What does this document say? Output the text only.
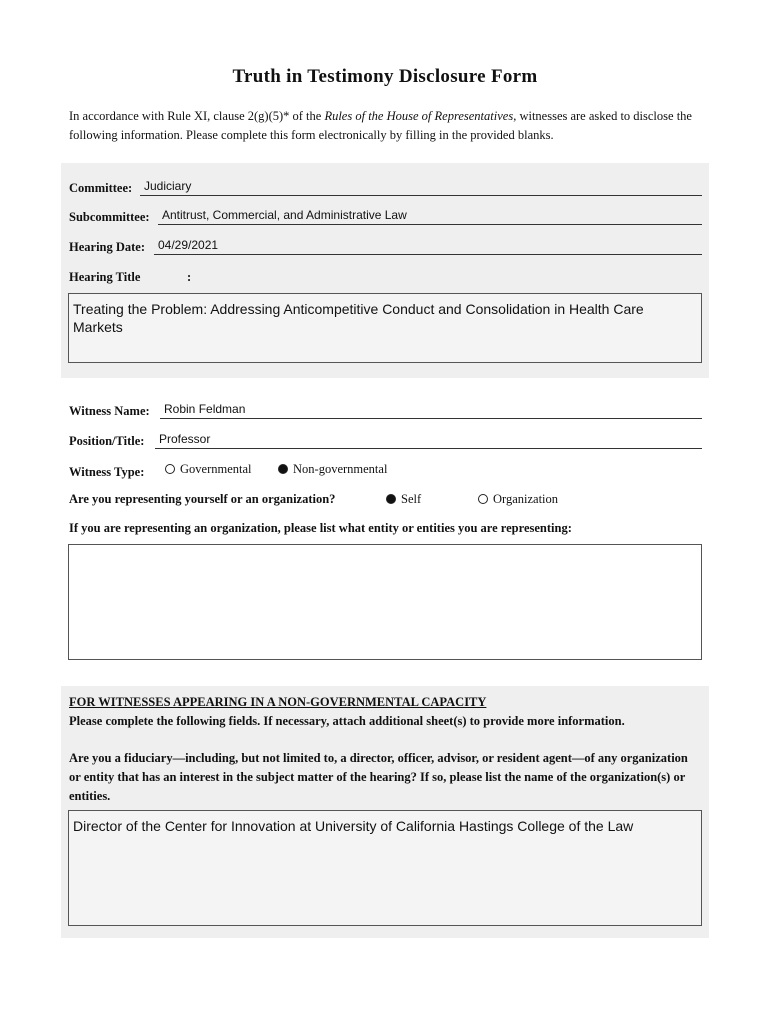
Truth in Testimony Disclosure Form
In accordance with Rule XI, clause 2(g)(5)* of the Rules of the House of Representatives, witnesses are asked to disclose the following information. Please complete this form electronically by filling in the provided blanks.
Committee: Judiciary
Subcommittee: Antitrust, Commercial, and Administrative Law
Hearing Date: 04/29/2021
Hearing Title	:
Treating the Problem: Addressing Anticompetitive Conduct and Consolidation in Health Care Markets
Witness Name: Robin Feldman
Position/Title: Professor
Witness Type:	Governmental	Non-governmental
Are you representing yourself or an organization?	Self	Organization
If you are representing an organization, please list what entity or entities you are representing:
FOR WITNESSES APPEARING IN A NON-GOVERNMENTAL CAPACITY
Please complete the following fields. If necessary, attach additional sheet(s) to provide more information.
Are you a fiduciary—including, but not limited to, a director, officer, advisor, or resident agent—of any organization or entity that has an interest in the subject matter of the hearing? If so, please list the name of the organization(s) or entities.
Director of the Center for Innovation at University of California Hastings College of the Law
